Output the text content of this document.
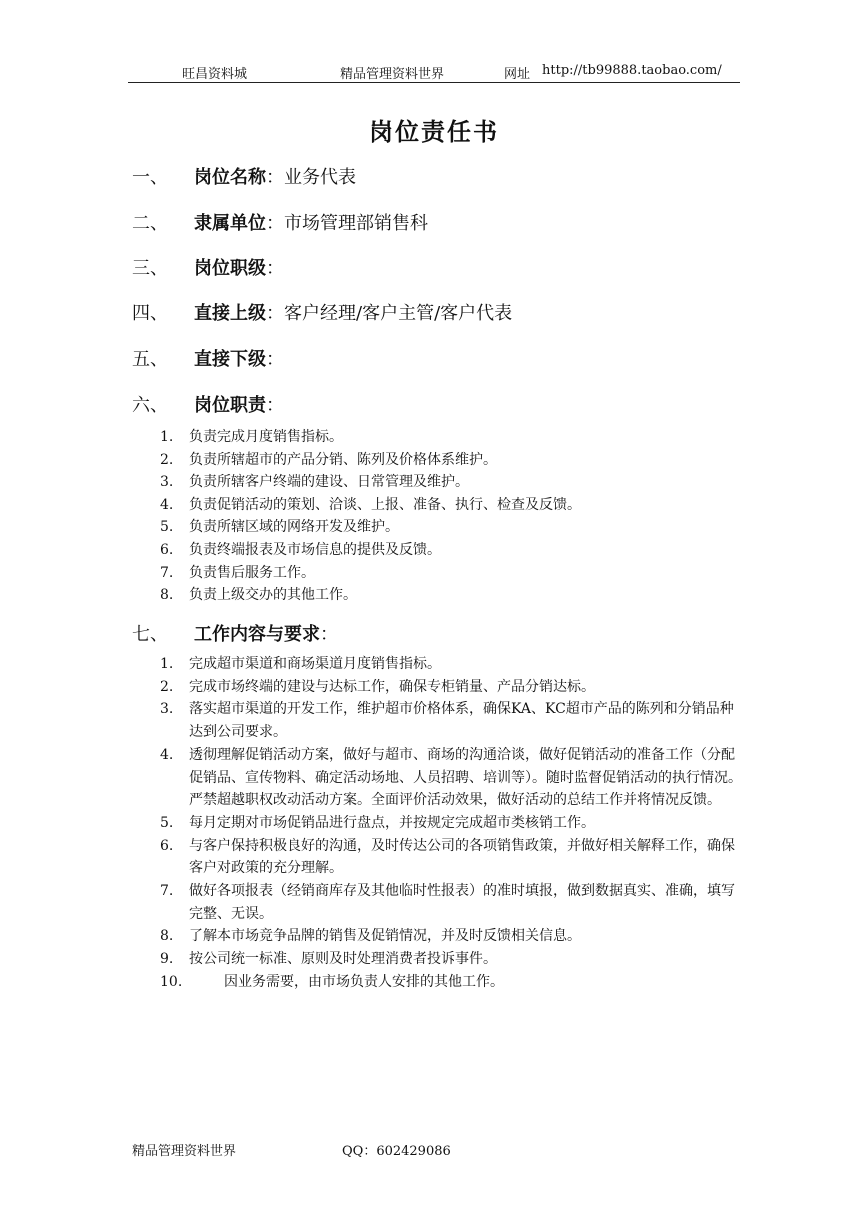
旺昌资料城	精品管理资料世界	网址 http://tb99888.taobao.com/
岗位责任书
一、 岗位名称：业务代表
二、 隶属单位：市场管理部销售科
三、 岗位职级：
四、 直接上级：客户经理/客户主管/客户代表
五、 直接下级：
六、 岗位职责：
1. 负责完成月度销售指标。
2. 负责所辖超市的产品分销、陈列及价格体系维护。
3. 负责所辖客户终端的建设、日常管理及维护。
4. 负责促销活动的策划、洽谈、上报、准备、执行、检查及反馈。
5. 负责所辖区域的网络开发及维护。
6. 负责终端报表及市场信息的提供及反馈。
7. 负责售后服务工作。
8. 负责上级交办的其他工作。
七、 工作内容与要求：
1. 完成超市渠道和商场渠道月度销售指标。
2. 完成市场终端的建设与达标工作，确保专柜销量、产品分销达标。
3. 落实超市渠道的开发工作，维护超市价格体系，确保KA、KC超市产品的陈列和分销品种达到公司要求。
4. 透彻理解促销活动方案，做好与超市、商场的沟通洽谈，做好促销活动的准备工作（分配促销品、宣传物料、确定活动场地、人员招聘、培训等）。随时监督促销活动的执行情况。严禁超越职权改动活动方案。全面评价活动效果，做好活动的总结工作并将情况反馈。
5. 每月定期对市场促销品进行盘点，并按规定完成超市类核销工作。
6. 与客户保持积极良好的沟通，及时传达公司的各项销售政策，并做好相关解释工作，确保客户对政策的充分理解。
7. 做好各项报表（经销商库存及其他临时性报表）的准时填报，做到数据真实、准确，填写完整、无误。
8. 了解本市场竞争品牌的销售及促销情况，并及时反馈相关信息。
9. 按公司统一标准、原则及时处理消费者投诉事件。
10.	因业务需要，由市场负责人安排的其他工作。
精品管理资料世界	QQ：602429086
